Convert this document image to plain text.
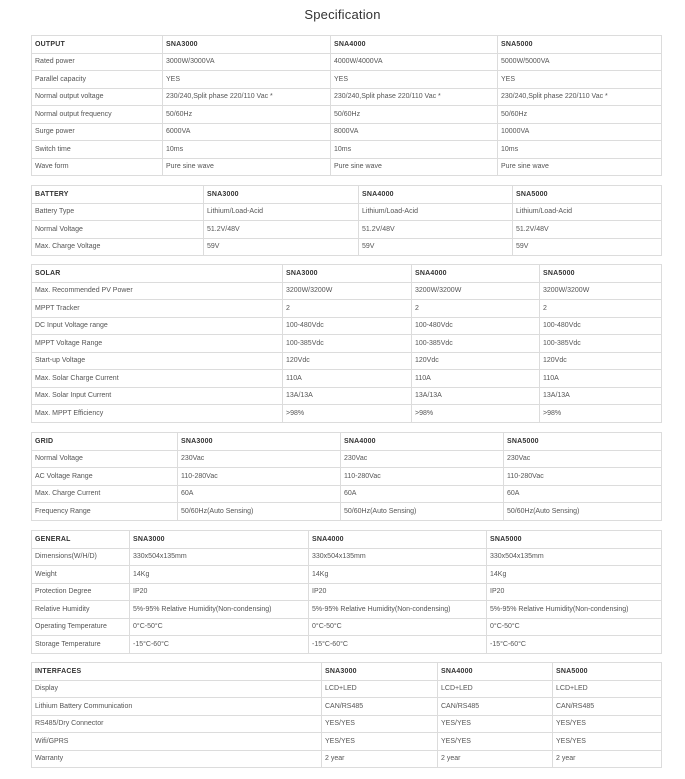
Specification
OUTPUT	SNA3000	SNA4000	SNA5000
Rated power	3000W/3000VA	4000W/4000VA	5000W/5000VA
Parallel capacity	YES	YES	YES
Normal output voltage	230/240,Split phase 220/110 Vac *	230/240,Split phase 220/110 Vac *	230/240,Split phase 220/110 Vac *
Normal output frequency	50/60Hz	50/60Hz	50/60Hz
Surge power	6000VA	8000VA	10000VA
Switch time	10ms	10ms	10ms
Wave form	Pure sine wave	Pure sine wave	Pure sine wave
BATTERY	SNA3000	SNA4000	SNA5000
Battery Type	Lithium/Load-Acid	Lithium/Load-Acid	Lithium/Load-Acid
Normal Voltage	51.2V/48V	51.2V/48V	51.2V/48V
Max. Charge Voltage	59V	59V	59V
SOLAR	SNA3000	SNA4000	SNA5000
Max. Recommended PV Power	3200W/3200W	3200W/3200W	3200W/3200W
MPPT Tracker	2	2	2
DC Input Voltage range	100-480Vdc	100-480Vdc	100-480Vdc
MPPT Voltage Range	100-385Vdc	100-385Vdc	100-385Vdc
Start-up Voltage	120Vdc	120Vdc	120Vdc
Max. Solar Charge Current	110A	110A	110A
Max. Solar Input Current	13A/13A	13A/13A	13A/13A
Max. MPPT Efficiency	>98%	>98%	>98%
GRID	SNA3000	SNA4000	SNA5000
Normal Voltage	230Vac	230Vac	230Vac
AC Voltage Range	110-280Vac	110-280Vac	110-280Vac
Max. Charge Current	60A	60A	60A
Frequency Range	50/60Hz(Auto Sensing)	50/60Hz(Auto Sensing)	50/60Hz(Auto Sensing)
GENERAL	SNA3000	SNA4000	SNA5000
Dimensions(W/H/D)	330x504x135mm	330x504x135mm	330x504x135mm
Weight	14Kg	14Kg	14Kg
Protection Degree	IP20	IP20	IP20
Relative Humidity	5%-95% Relative Humidity(Non-condensing)	5%-95% Relative Humidity(Non-condensing)	5%-95% Relative Humidity(Non-condensing)
Operating Temperature	0°C-50°C	0°C-50°C	0°C-50°C
Storage Temperature	-15°C-60°C	-15°C-60°C	-15°C-60°C
INTERFACES	SNA3000	SNA4000	SNA5000
Display	LCD+LED	LCD+LED	LCD+LED
Lithium Battery Communication	CAN/RS485	CAN/RS485	CAN/RS485
RS485/Dry Connector	YES/YES	YES/YES	YES/YES
Wifi/GPRS	YES/YES	YES/YES	YES/YES
Warranty	2 year	2 year	2 year
